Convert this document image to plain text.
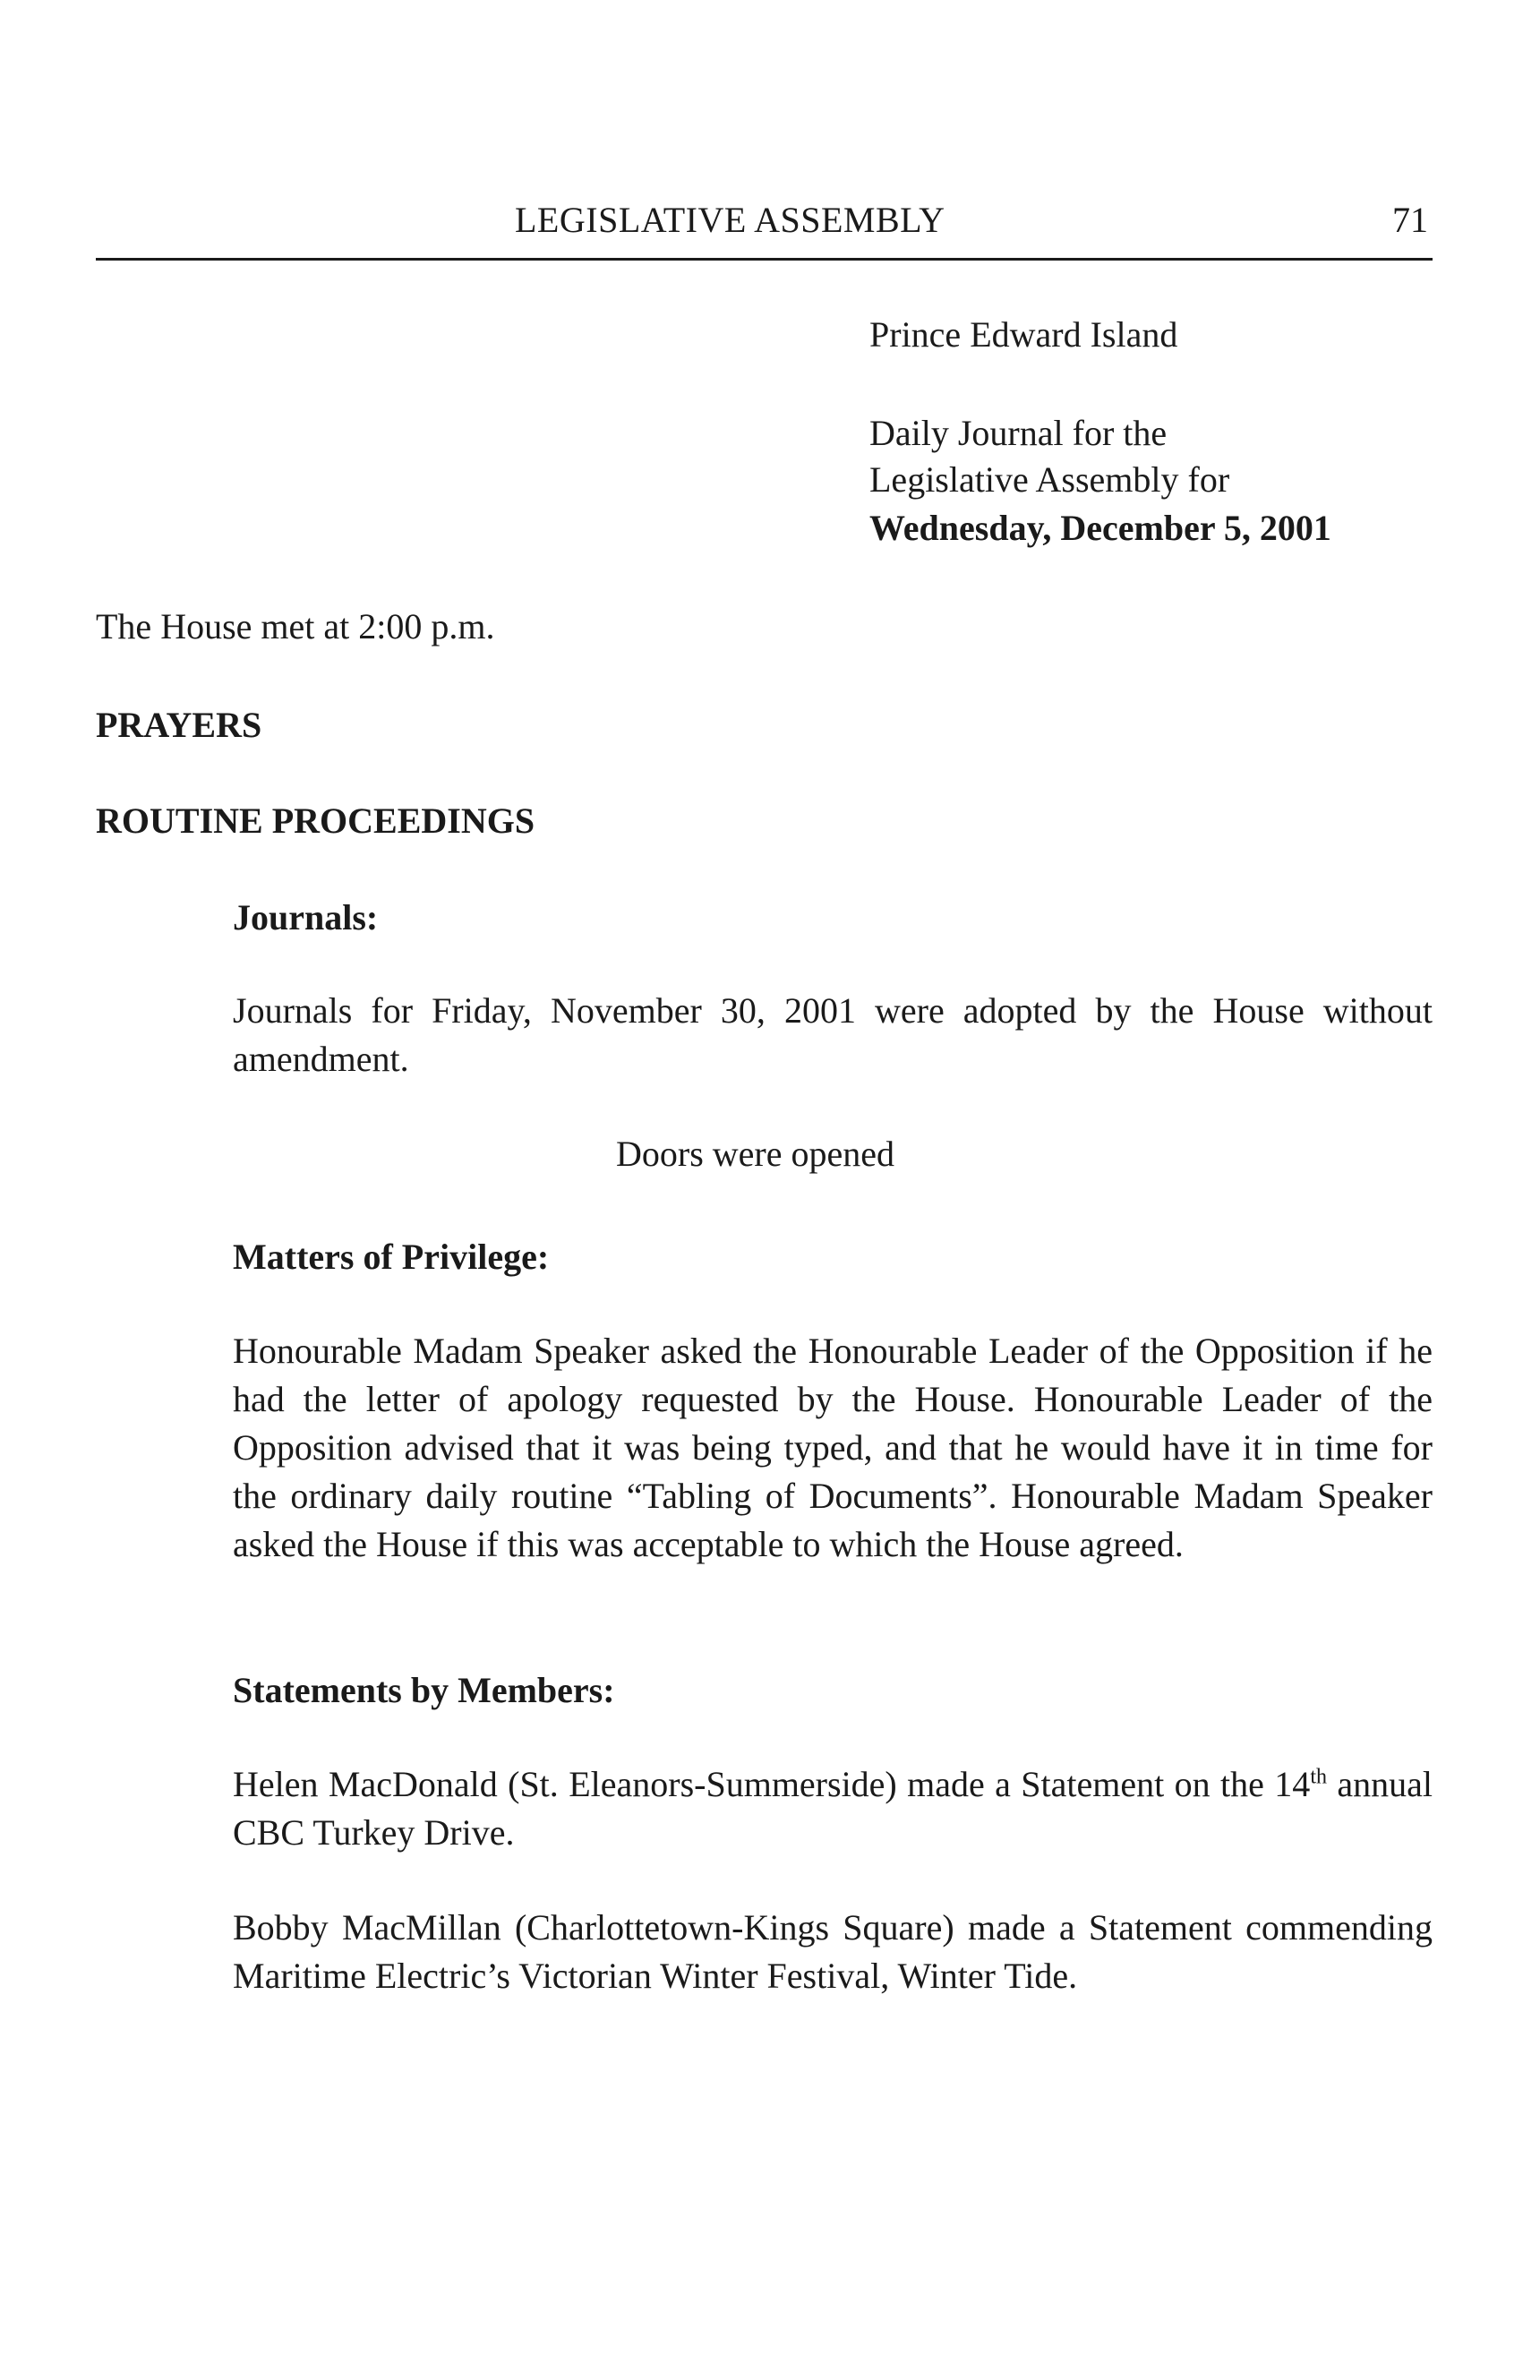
LEGISLATIVE ASSEMBLY	71
Prince Edward Island
Daily Journal for the
Legislative Assembly for
Wednesday, December 5, 2001
The House met at 2:00 p.m.
PRAYERS
ROUTINE PROCEEDINGS
Journals:
Journals for Friday, November 30, 2001 were adopted by the House without amendment.
Doors were opened
Matters of Privilege:
Honourable Madam Speaker asked the Honourable Leader of the Opposition if he had the letter of apology requested by the House. Honourable Leader of the Opposition advised that it was being typed, and that he would have it in time for the ordinary daily routine “Tabling of Documents”. Honourable Madam Speaker asked the House if this was acceptable to which the House agreed.
Statements by Members:
Helen MacDonald (St. Eleanors-Summerside) made a Statement on the 14th annual CBC Turkey Drive.
Bobby MacMillan (Charlottetown-Kings Square) made a Statement commending Maritime Electric’s Victorian Winter Festival, Winter Tide.
